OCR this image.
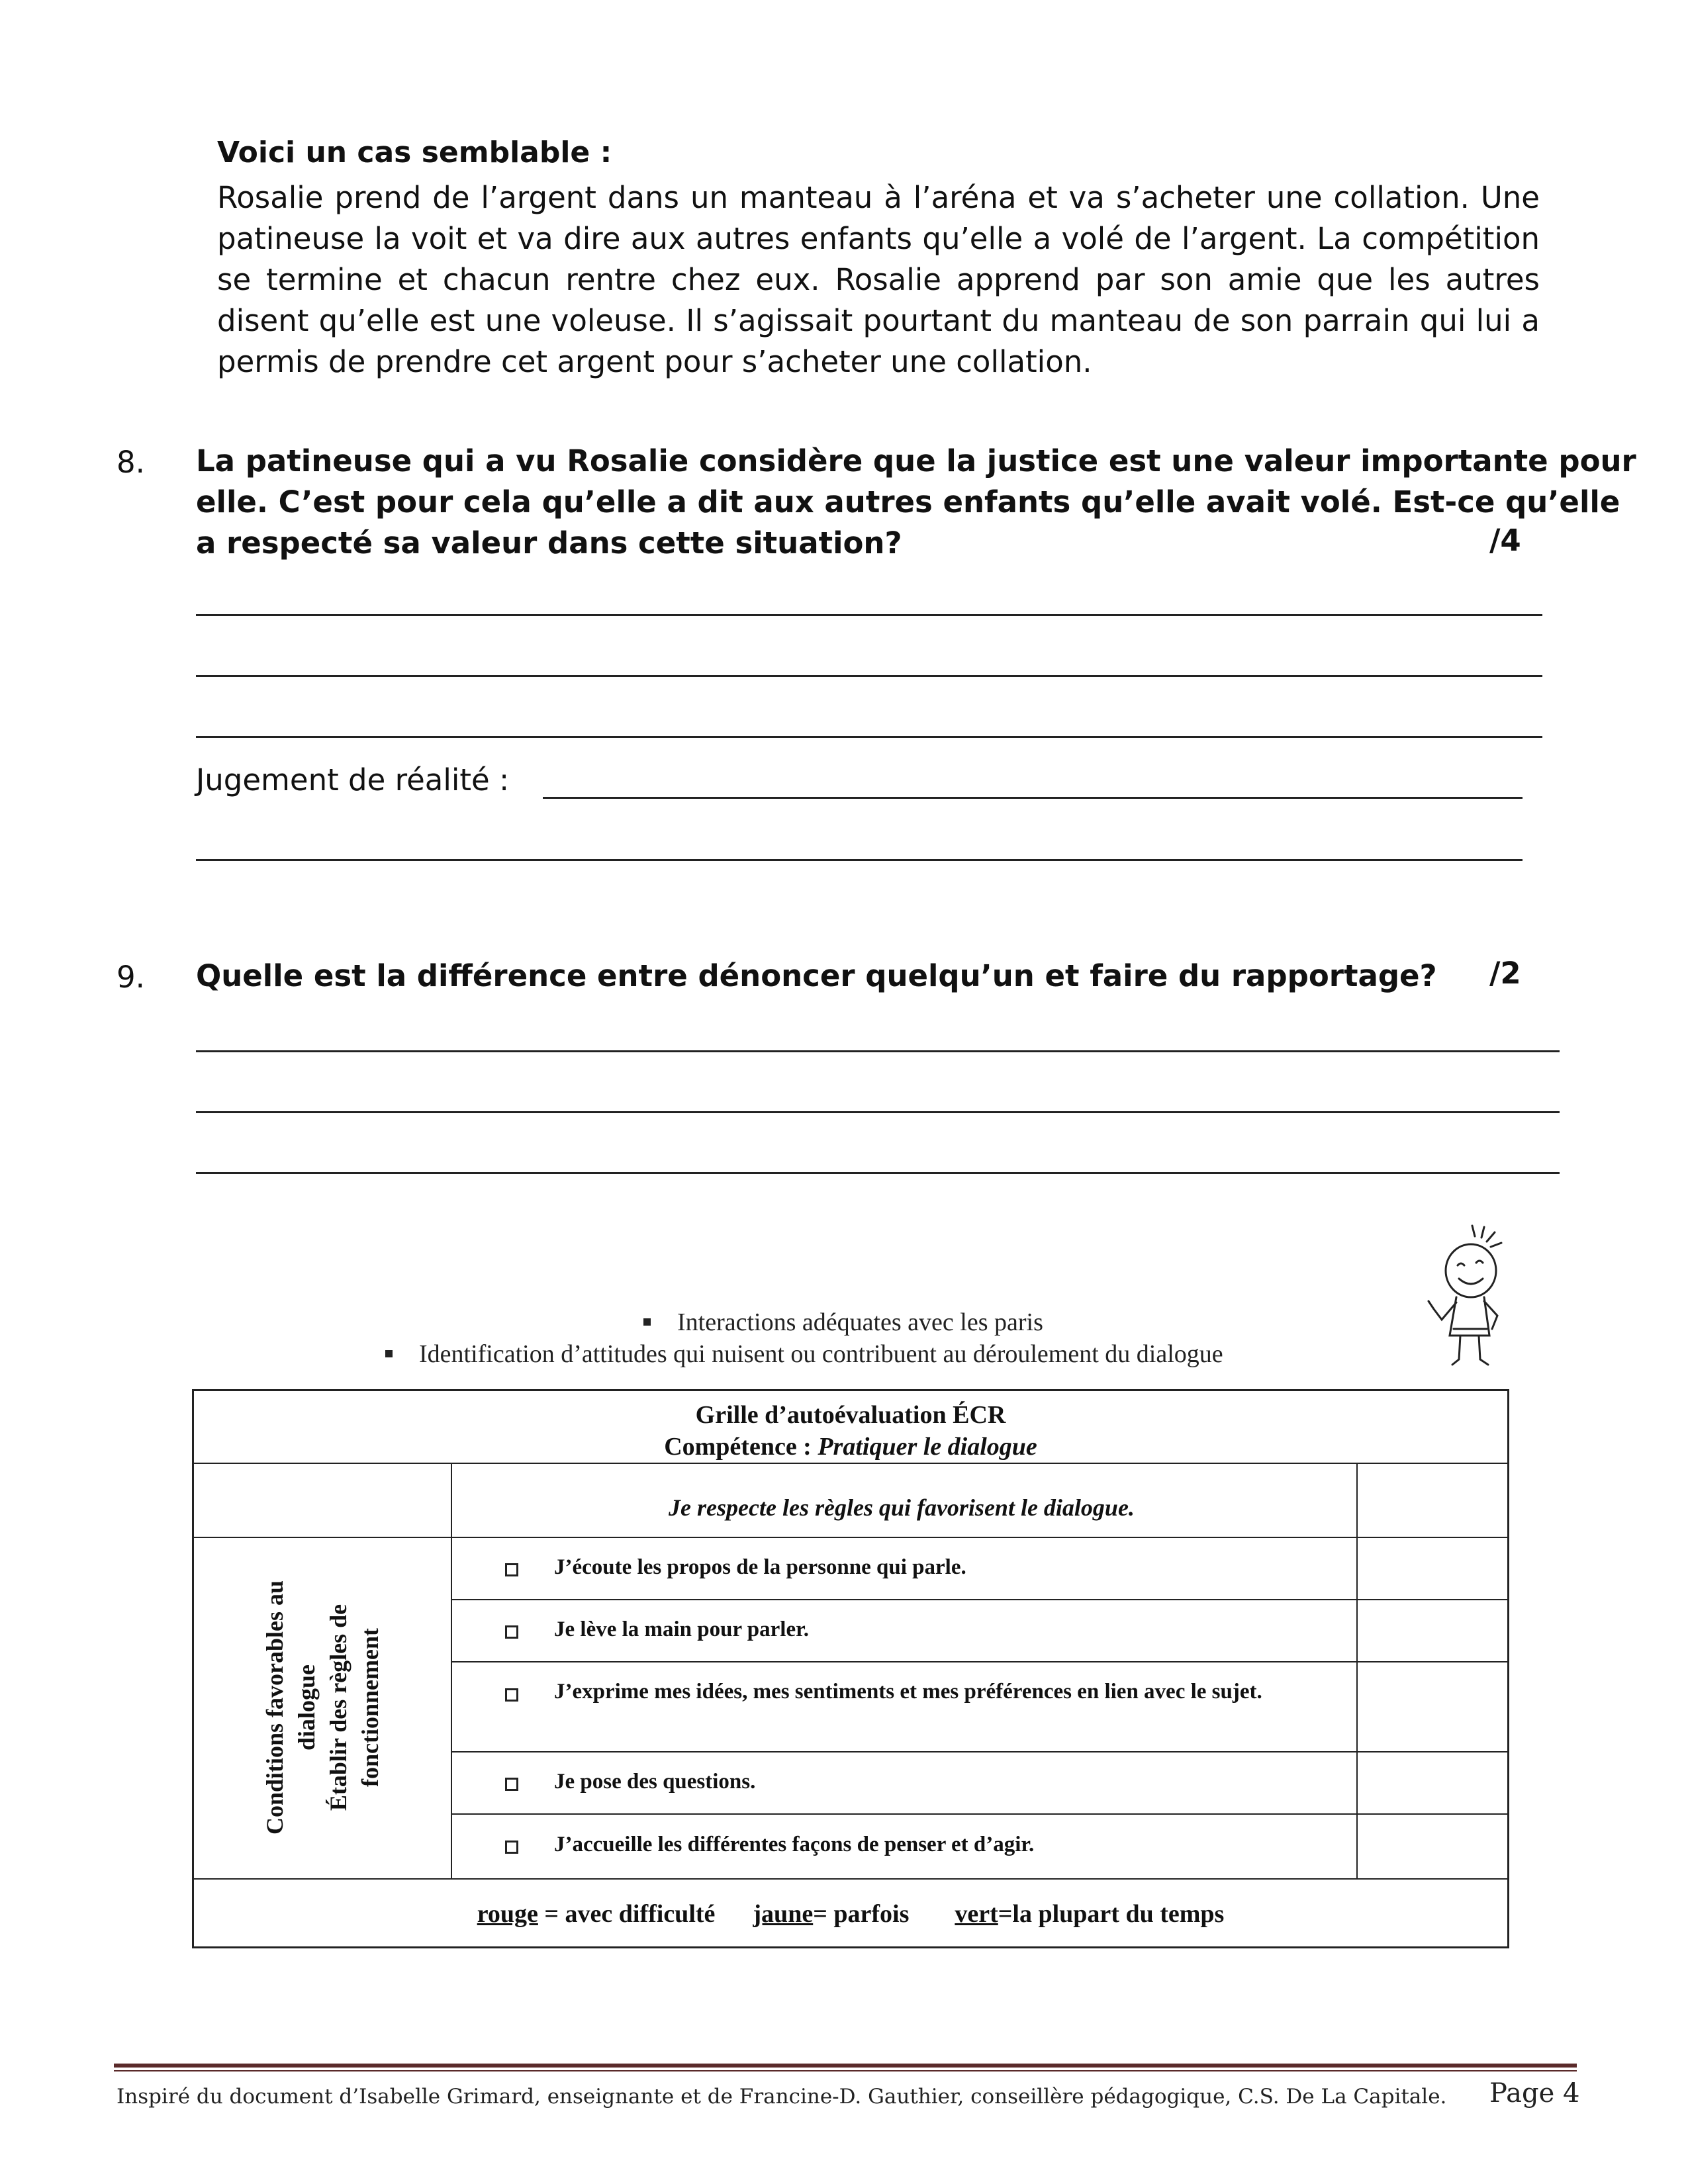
Voici un cas semblable :
Rosalie prend de l’argent dans un manteau à l’aréna et va s’acheter une collation. Une patineuse la voit et va dire aux autres enfants qu’elle a volé de l’argent. La compétition se termine et chacun rentre chez eux. Rosalie apprend par son amie que les autres disent qu’elle est une voleuse. Il s’agissait pourtant du manteau de son parrain qui lui a permis de prendre cet argent pour s’acheter une collation.
8. La patineuse qui a vu Rosalie considère que la justice est une valeur importante pour
elle. C’est pour cela qu’elle a dit aux autres enfants qu’elle avait volé. Est-ce qu’elle
a respecté sa valeur dans cette situation?	/4
Jugement de réalité :
9. Quelle est la différence entre dénoncer quelqu’un et faire du rapportage? /2
Interactions adéquates avec les paris
Identification d’attitudes qui nuisent ou contribuent au déroulement du dialogue
Grille d’autoévaluation ÉCR
Compétence : Pratiquer le dialogue
Je respecte les règles qui favorisent le dialogue.
Conditions favorables au dialogue Établir des règles de fonctionnement
J’écoute les propos de la personne qui parle.
Je lève la main pour parler.
J’exprime mes idées, mes sentiments et mes préférences en lien avec le sujet.
Je pose des questions.
J’accueille les différentes façons de penser et d’agir.
rouge = avec difficulté jaune= parfois vert=la plupart du temps
Inspiré du document d’Isabelle Grimard, enseignante et de Francine-D. Gauthier, conseillère pédagogique, C.S. De La Capitale. Page 4
